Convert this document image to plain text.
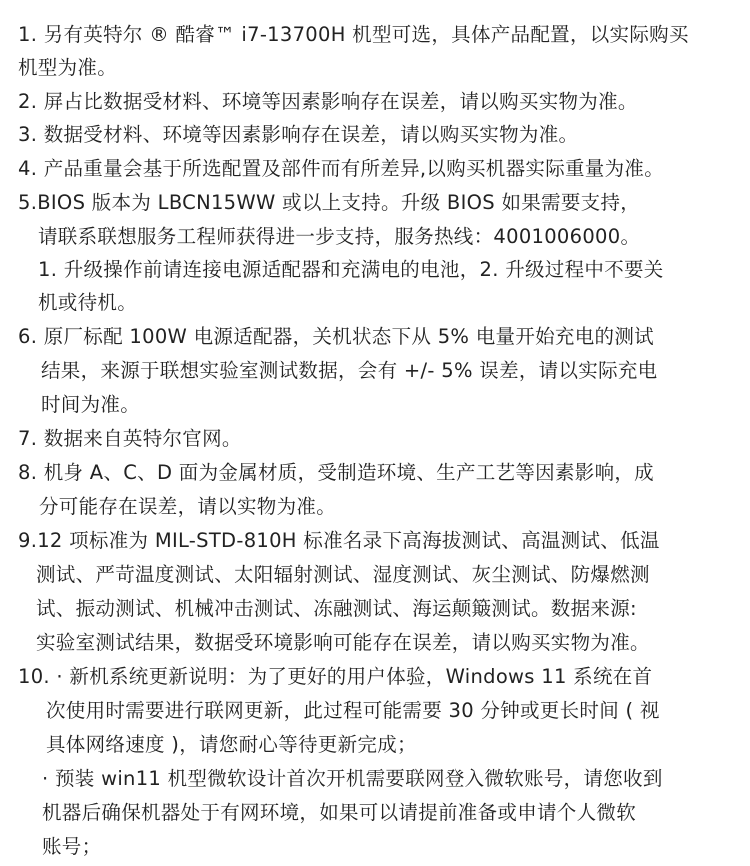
1. 另有英特尔 ® 酷睿™ i7-13700H 机型可选，具体产品配置，以实际购买
机型为准。
2. 屏占比数据受材料、环境等因素影响存在误差，请以购买实物为准。
3. 数据受材料、环境等因素影响存在误差，请以购买实物为准。
4. 产品重量会基于所选配置及部件而有所差异,以购买机器实际重量为准。
5.BIOS 版本为 LBCN15WW 或以上支持。升级 BIOS 如果需要支持，
请联系联想服务工程师获得进一步支持，服务热线：4001006000。
1. 升级操作前请连接电源适配器和充满电的电池，2. 升级过程中不要关
机或待机。
6. 原厂标配 100W 电源适配器，关机状态下从 5% 电量开始充电的测试
结果，来源于联想实验室测试数据，会有 +/- 5% 误差，请以实际充电
时间为准。
7. 数据来自英特尔官网。
8. 机身 A、C、D 面为金属材质，受制造环境、生产工艺等因素影响，成
分可能存在误差，请以实物为准。
9.12 项标准为 MIL-STD-810H 标准名录下高海拔测试、高温测试、低温
测试、严苛温度测试、太阳辐射测试、湿度测试、灰尘测试、防爆燃测
试、振动测试、机械冲击测试、冻融测试、海运颠簸测试。数据来源:
实验室测试结果，数据受环境影响可能存在误差，请以购买实物为准。
10. · 新机系统更新说明：为了更好的用户体验，Windows 11 系统在首
次使用时需要进行联网更新，此过程可能需要 30 分钟或更长时间 ( 视
具体网络速度 )，请您耐心等待更新完成；
· 预装 win11 机型微软设计首次开机需要联网登入微软账号，请您收到
机器后确保机器处于有网环境，如果可以请提前准备或申请个人微软
账号；
